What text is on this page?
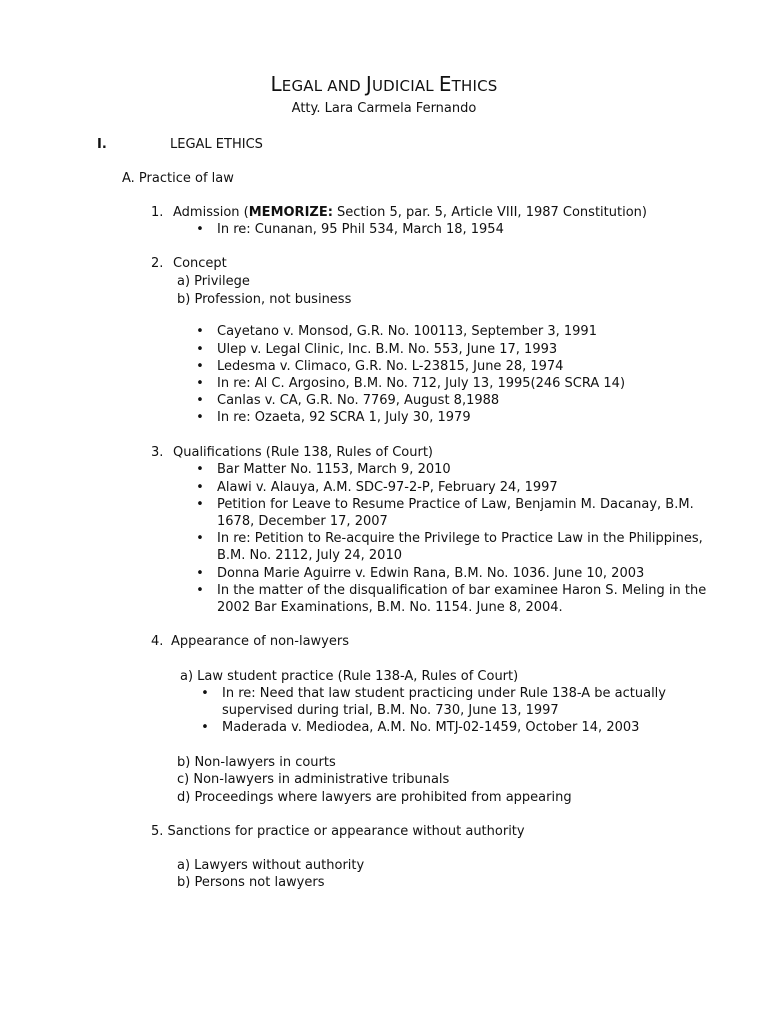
LEGAL AND JUDICIAL ETHICS
Atty. Lara Carmela Fernando
I.	LEGAL ETHICS
A. Practice of law
1. Admission (MEMORIZE: Section 5, par. 5, Article VIII, 1987 Constitution)
• In re: Cunanan, 95 Phil 534, March 18, 1954
2. Concept
a) Privilege
b) Profession, not business
• Cayetano v. Monsod, G.R. No. 100113, September 3, 1991
• Ulep v. Legal Clinic, Inc. B.M. No. 553, June 17, 1993
• Ledesma v. Climaco, G.R. No. L-23815, June 28, 1974
• In re: Al C. Argosino, B.M. No. 712, July 13, 1995(246 SCRA 14)
• Canlas v. CA, G.R. No. 7769, August 8,1988
• In re: Ozaeta, 92 SCRA 1, July 30, 1979
3. Qualifications (Rule 138, Rules of Court)
• Bar Matter No. 1153, March 9, 2010
• Alawi v. Alauya, A.M. SDC-97-2-P, February 24, 1997
• Petition for Leave to Resume Practice of Law, Benjamin M. Dacanay, B.M.
1678, December 17, 2007
• In re: Petition to Re-acquire the Privilege to Practice Law in the Philippines,
B.M. No. 2112, July 24, 2010
• Donna Marie Aguirre v. Edwin Rana, B.M. No. 1036. June 10, 2003
• In the matter of the disqualification of bar examinee Haron S. Meling in the
2002 Bar Examinations, B.M. No. 1154. June 8, 2004.
4. Appearance of non-lawyers
a) Law student practice (Rule 138-A, Rules of Court)
• In re: Need that law student practicing under Rule 138-A be actually
supervised during trial, B.M. No. 730, June 13, 1997
• Maderada v. Mediodea, A.M. No. MTJ-02-1459, October 14, 2003
b) Non-lawyers in courts
c) Non-lawyers in administrative tribunals
d) Proceedings where lawyers are prohibited from appearing
5. Sanctions for practice or appearance without authority
a) Lawyers without authority
b) Persons not lawyers
